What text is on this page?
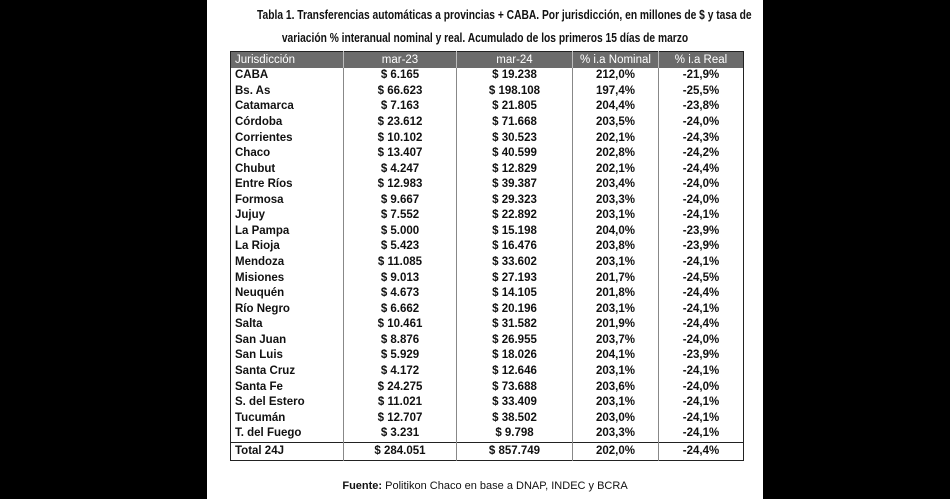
Tabla 1. Transferencias automáticas a provincias + CABA. Por jurisdicción, en millones de $ y tasa de
variación % interanual nominal y real. Acumulado de los primeros 15 días de marzo
Jurisdicción	mar-23	mar-24	% i.a Nominal	% i.a Real
CABA	$ 6.165	$ 19.238	212,0%	-21,9%
Bs. As	$ 66.623	$ 198.108	197,4%	-25,5%
Catamarca	$ 7.163	$ 21.805	204,4%	-23,8%
Córdoba	$ 23.612	$ 71.668	203,5%	-24,0%
Corrientes	$ 10.102	$ 30.523	202,1%	-24,3%
Chaco	$ 13.407	$ 40.599	202,8%	-24,2%
Chubut	$ 4.247	$ 12.829	202,1%	-24,4%
Entre Ríos	$ 12.983	$ 39.387	203,4%	-24,0%
Formosa	$ 9.667	$ 29.323	203,3%	-24,0%
Jujuy	$ 7.552	$ 22.892	203,1%	-24,1%
La Pampa	$ 5.000	$ 15.198	204,0%	-23,9%
La Rioja	$ 5.423	$ 16.476	203,8%	-23,9%
Mendoza	$ 11.085	$ 33.602	203,1%	-24,1%
Misiones	$ 9.013	$ 27.193	201,7%	-24,5%
Neuquén	$ 4.673	$ 14.105	201,8%	-24,4%
Río Negro	$ 6.662	$ 20.196	203,1%	-24,1%
Salta	$ 10.461	$ 31.582	201,9%	-24,4%
San Juan	$ 8.876	$ 26.955	203,7%	-24,0%
San Luis	$ 5.929	$ 18.026	204,1%	-23,9%
Santa Cruz	$ 4.172	$ 12.646	203,1%	-24,1%
Santa Fe	$ 24.275	$ 73.688	203,6%	-24,0%
S. del Estero	$ 11.021	$ 33.409	203,1%	-24,1%
Tucumán	$ 12.707	$ 38.502	203,0%	-24,1%
T. del Fuego	$ 3.231	$ 9.798	203,3%	-24,1%
Total 24J	$ 284.051	$ 857.749	202,0%	-24,4%
Fuente: Politikon Chaco en base a DNAP, INDEC y BCRA
